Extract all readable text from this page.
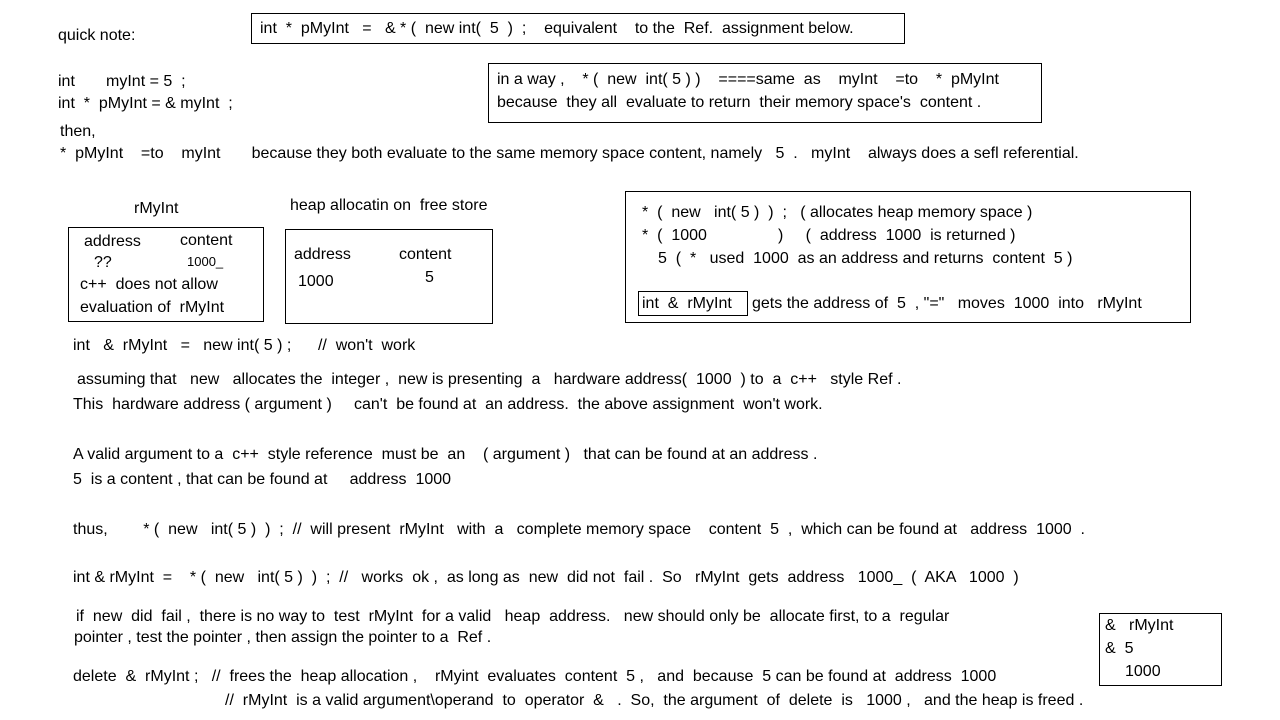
quick note:	int  *  pMyInt   =   & * (  new int(  5  )  ;    equivalent    to the  Ref.  assignment below.
int       myInt = 5  ;
int  *  pMyInt = & myInt  ;
in a way ,    * (  new  int( 5 ) )    ====same  as    myInt    =to    *  pMyInt
because  they all  evaluate to return  their memory space's  content .
then,
*  pMyInt    =to    myInt       because they both evaluate to the same memory space content, namely   5  .   myInt    always does a sefl referential.
rMyInt
address content
??	1000_
c++  does not allow
evaluation of  rMyInt
heap allocatin on  free store
address	content
1000	5
*  (  new   int( 5 )  )  ;   ( allocates heap memory space )
*  (  1000                )     (  address  1000  is returned )
5  (  *   used  1000  as an address and returns  content  5 )
int  &  rMyInt gets the address of  5  , "="   moves  1000  into   rMyInt
int   &  rMyInt   =   new int( 5 ) ;      //  won't  work
assuming that   new   allocates the  integer ,  new is presenting  a   hardware address(  1000  ) to  a  c++   style Ref .
This  hardware address ( argument )     can't  be found at  an address.  the above assignment  won't work.
A valid argument to a  c++  style reference  must be  an    ( argument )   that can be found at an address .
5  is a content , that can be found at     address  1000
thus,        * (  new   int( 5 )  )  ;  //  will present  rMyInt   with  a   complete memory space    content  5  ,  which can be found at   address  1000  .
int & rMyInt  =    * (  new   int( 5 )  )  ;  //   works  ok ,  as long as  new  did not  fail .  So   rMyInt  gets  address   1000_  (  AKA   1000  )
if  new  did  fail ,  there is no way to  test  rMyInt  for a valid   heap  address.   new should only be  allocate first, to a  regular
pointer , test the pointer , then assign the pointer to a  Ref .
delete  &  rMyInt ;   //  frees the  heap allocation ,    rMyint  evaluates  content  5 ,   and  because  5 can be found at  address  1000
//  rMyInt  is a valid argument\operand  to  operator  &   .  So,  the argument  of  delete  is   1000 ,   and the heap is freed .
&   rMyInt
&  5
1000
